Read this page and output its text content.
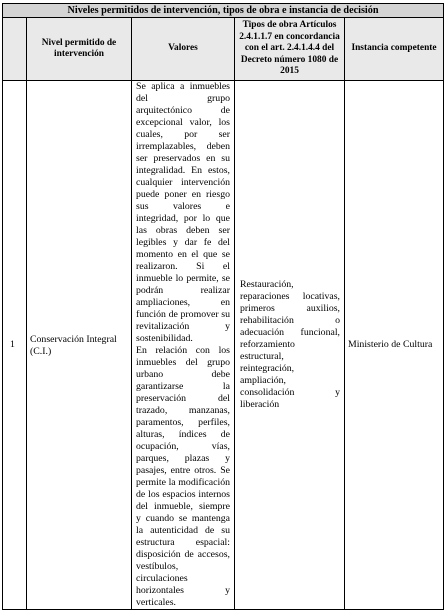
Niveles permitidos de intervención, tipos de obra e instancia de decisión				

	Nivel permitido de intervención	Valores	Tipos de obra Artículos 2.4.1.1.7 en concordancia con el art. 2.4.1.4.4 del Decreto número 1080 de 2015	Instancia competente

1	Conservación Integral (C.I.)	Se aplica a inmuebles del grupo arquitectónico de excepcional valor, los cuales, por ser irremplazables, deben ser preservados en su integralidad. En estos, cualquier intervención puede poner en riesgo sus valores e integridad, por lo que las obras deben ser legibles y dar fe del momento en el que se realizaron. Si el inmueble lo permite, se podrán realizar ampliaciones, en función de promover su revitalización y sostenibilidad.

En relación con los inmuebles del grupo urbano debe garantizarse la preservación del trazado, manzanas, paramentos, perfiles, alturas, índices de ocupación, vías, parques, plazas y pasajes, entre otros. Se permite la modificación de los espacios internos del inmueble, siempre y cuando se mantenga la autenticidad de su estructura espacial: disposición de accesos, vestíbulos, circulaciones horizontales y verticales.	Restauración, reparaciones locativas, primeros auxilios, rehabilitación o adecuación funcional, reforzamiento estructural, reintegración, ampliación, consolidación y liberación	Ministerio de Cultura
